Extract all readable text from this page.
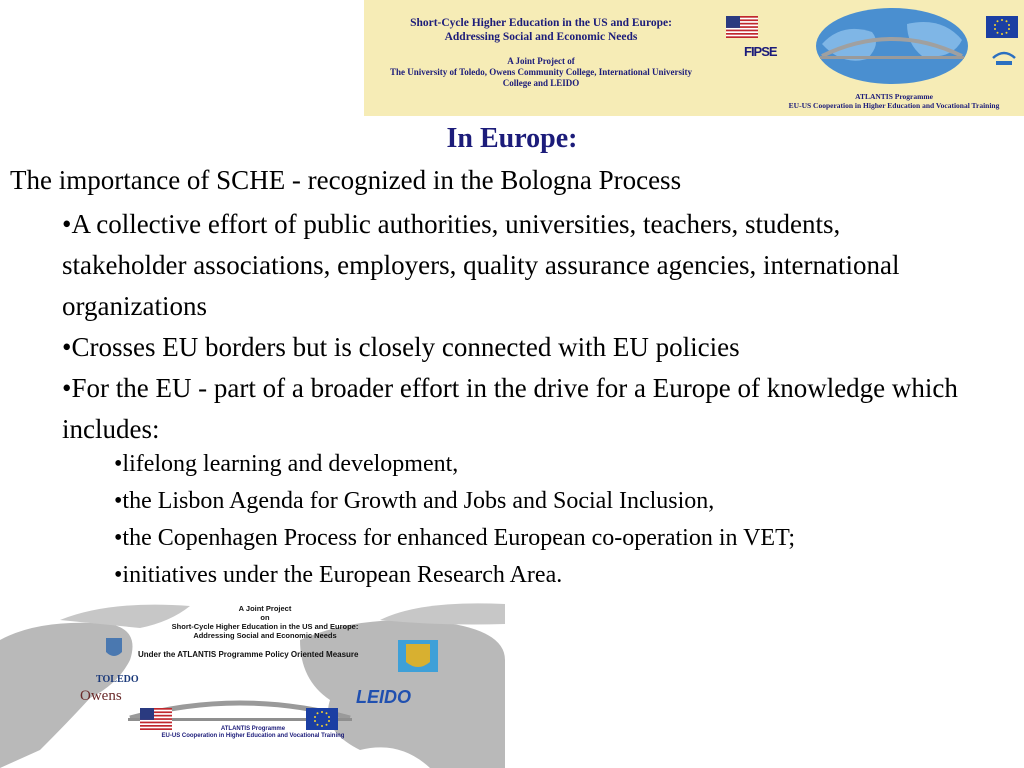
Short-Cycle Higher Education in the US and Europe:
Addressing Social and Economic Needs
A Joint Project of
The University of Toledo, Owens Community College, International University
College and LEIDO
FIPSE
ATLANTIS Programme
EU-US Cooperation in Higher Education and Vocational Training
In Europe:
The importance of SCHE - recognized in the Bologna Process

•A collective effort of public authorities, universities, teachers, students, stakeholder associations, employers, quality assurance agencies, international organizations

•Crosses EU borders but is closely connected with EU policies

•For the EU - part of a broader effort in the drive for a Europe of knowledge which includes:

•lifelong learning and development,

•the Lisbon Agenda for Growth and Jobs and Social Inclusion,

•the Copenhagen Process for enhanced European co-operation in VET;

•initiatives under the European Research Area.

A Joint Project
on
Short-Cycle Higher Education in the US and Europe:
Addressing Social and Economic Needs
Under the ATLANTIS Programme Policy Oriented Measure
TOLEDO
Owens	LEIDO
ATLANTIS Programme
EU-US Cooperation in Higher Education and Vocational Training
